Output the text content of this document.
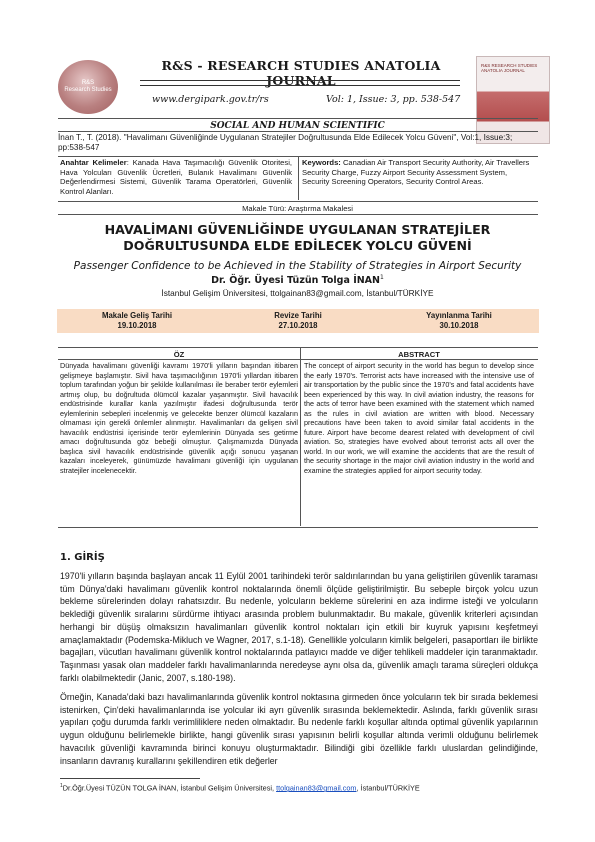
R&S
Research Studies
R&S - RESEARCH STUDIES ANATOLIA JOURNAL
www.dergipark.gov.tr/rs	Vol: 1, Issue: 3, pp. 538-547
R&S RESEARCH STUDIES ANATOLIA JOURNAL
SOCIAL AND HUMAN SCIENTIFIC
İnan T., T. (2018). "Havalimanı Güvenliğinde Uygulanan Stratejiler Doğrultusunda Elde Edilecek Yolcu Güveni", Vol:1, Issue:3; pp:538-547
Anahtar Kelimeler: Kanada Hava Taşımacılığı Güvenlik Otoritesi, Hava Yolcuları Güvenlik Ücretleri, Bulanık Havalimanı Güvenlik Değerlendirmesi Sistemi, Güvenlik Tarama Operatörleri, Güvenlik Kontrol Alanları.
Keywords: Canadian Air Transport Security Authority, Air Travellers Security Charge, Fuzzy Airport Security Assessment System, Security Screening Operators, Security Control Areas.
Makale Türü: Araştırma Makalesi
HAVALİMANI GÜVENLİĞİNDE UYGULANAN STRATEJİLER DOĞRULTUSUNDA ELDE EDİLECEK YOLCU GÜVENİ
Passenger Confidence to be Achieved in the Stability of Strategies in Airport Security
Dr. Öğr. Üyesi Tüzün Tolga İNAN$^1$
İstanbul Gelişim Üniversitesi, ttolgainan83@gmail.com, İstanbul/TÜRKİYE
Makale Geliş Tarihi
19.10.2018
Revize Tarihi
27.10.2018
Yayınlanma Tarihi
30.10.2018
ÖZ	ABSTRACT
Dünyada havalimanı güvenliği kavramı 1970'li yılların başından itibaren gelişmeye başlamıştır. Sivil hava taşımacılığının 1970'li yıllardan itibaren toplum tarafından yoğun bir şekilde kullanılması ile beraber terör eylemleri artmış olup, bu doğrultuda ölümcül kazalar yaşanmıştır. Sivil havacılık endüstrisinde kurallar kanla yazılmıştır ifadesi doğrultusunda terör eylemlerinin sebepleri incelenmiş ve gelecekte benzer ölümcül kazaların olmaması için gerekli önlemler alınmıştır. Havalimanları da gelişen sivil havacılık endüstrisi içerisinde terör eylemlerinin Dünyada ses getirme amacı doğrultusunda göz bebeği olmuştur. Çalışmamızda Dünyada başlıca sivil havacılık endüstrisinde güvenlik açığı sonucu yaşanan kazaları inceleyerek, günümüzde havalimanı güvenliği için uygulanan stratejiler incelenecektir.
The concept of airport security in the world has begun to develop since the early 1970's. Terrorist acts have increased with the intensive use of air transportation by the public since the 1970's and fatal accidents have been experienced by this way. In civil aviation industry, the reasons for the acts of terror have been examined with the statement which named as the rules in civil aviation are written with blood. Necessary precautions have been taken to avoid similar fatal accidents in the future. Airport have become dearest related with development of civil aviation. So, strategies have evolved about terrorist acts all over the world. In our work, we will examine the accidents that are the result of the security shortage in the major civil aviation industry in the world and examine the strategies applied for airport security today.
1. GİRİŞ
1970'li yılların başında başlayan ancak 11 Eylül 2001 tarihindeki terör saldırılarından bu yana geliştirilen güvenlik taraması tüm Dünya'daki havalimanı güvenlik kontrol noktalarında önemli ölçüde geliştirilmiştir. Bu sebeple birçok yolcu uzun bekleme sürelerinden dolayı rahatsızdır. Bu nedenle, yolcuların bekleme sürelerini en aza indirme isteği ve yolcuların beklediği güvenlik sıralarını sürdürme ihtiyacı arasında problem bulunmaktadır. Bu makale, güvenlik kriterleri açısından herhangi bir düşüş olmaksızın havalimanları güvenlik kontrol noktaları için etkili bir kuyruk yapısını keşfetmeyi amaçlamaktadır (Podemska-Mikluch ve Wagner, 2017, s.1-18). Genellikle yolcuların kimlik belgeleri, pasaportları ile birlikte bagajları, vücutları havalimanı güvenlik kontrol noktalarında patlayıcı madde ve diğer tehlikeli maddeler için taranmaktadır. Taşınması yasak olan maddeler farklı havalimanlarında neredeyse aynı olsa da, güvenlik amaçlı tarama süreçleri oldukça farklı olabilmektedir (Janic, 2007, s.180-198).
Örneğin, Kanada'daki bazı havalimanlarında güvenlik kontrol noktasına girmeden önce yolcuların tek bir sırada beklemesi istenirken, Çin'deki havalimanlarında ise yolcular iki ayrı güvenlik sırasında beklemektedir. Aslında, farklı güvenlik sırası yapıları çoğu durumda farklı verimliliklere neden olmaktadır. Bu nedenle farklı koşullar altında optimal güvenlik yapılarının uygun olduğunu belirlemekle birlikte, hangi güvenlik sırası yapısının belirli koşullar altında verimli olduğunu belirlemek havacılık güvenliği kavramında birinci konuyu oluşturmaktadır. Bilindiği gibi özellikle farklı uluslardan gelindiğinde, insanların davranış kurallarını şekillendiren etik değerler
$^1$Dr.Öğr.Üyesi TÜZÜN TOLGA İNAN, İstanbul Gelişim Üniversitesi, ttolgainan83@gmail.com, İstanbul/TÜRKİYE
